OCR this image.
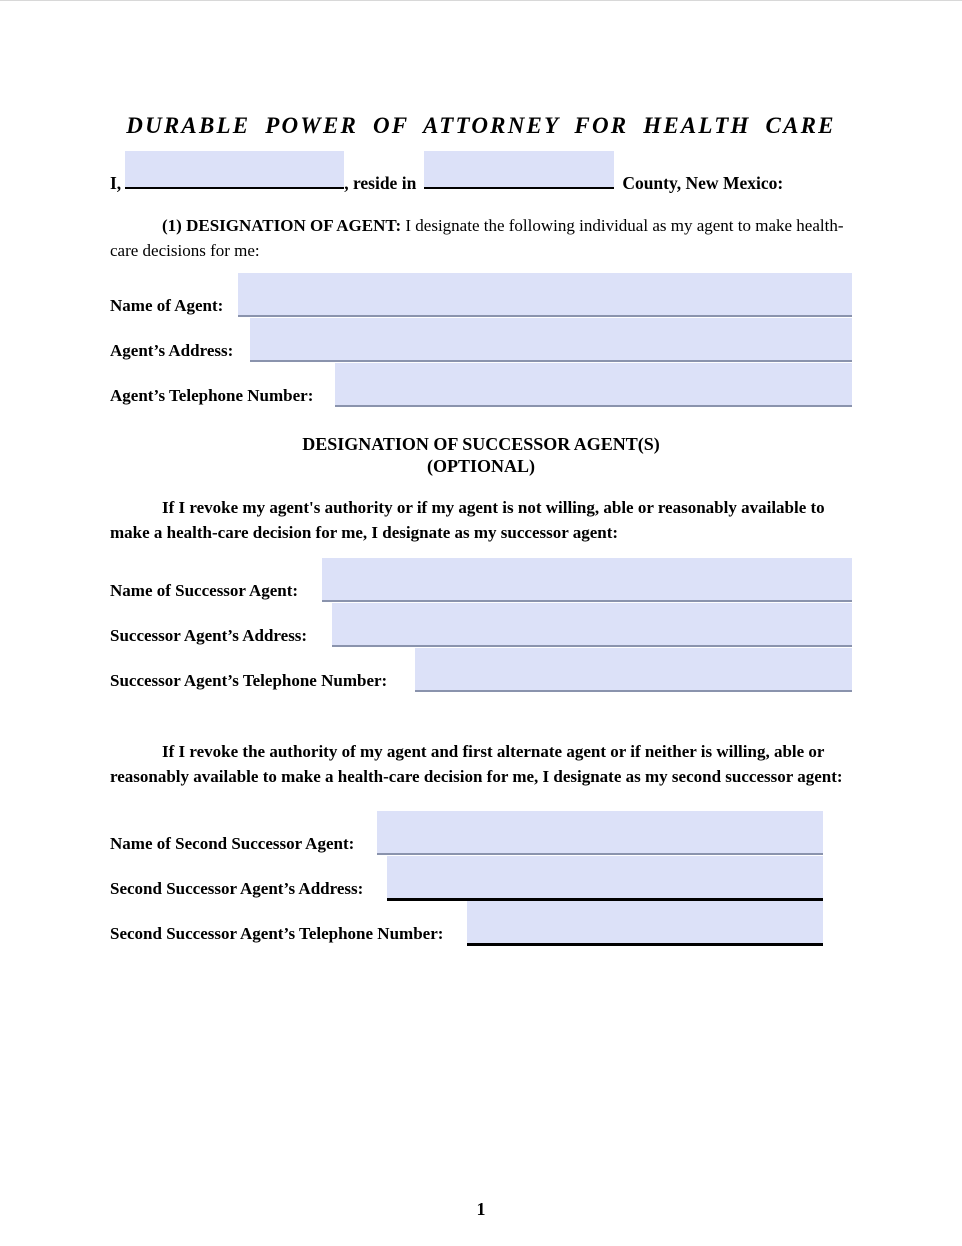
DURABLE POWER OF ATTORNEY FOR HEALTH CARE
I,	, reside in	County, New Mexico:
(1) DESIGNATION OF AGENT: I designate the following individual as my agent to make health-care decisions for me:
Name of Agent:
Agent’s Address:
Agent’s Telephone Number:
DESIGNATION OF SUCCESSOR AGENT(S)
(OPTIONAL)
If I revoke my agent's authority or if my agent is not willing, able or reasonably available to make a health-care decision for me, I designate as my successor agent:
Name of Successor Agent:
Successor Agent’s Address:
Successor Agent’s Telephone Number:
If I revoke the authority of my agent and first alternate agent or if neither is willing, able or reasonably available to make a health-care decision for me, I designate as my second successor agent:
Name of Second Successor Agent:
Second Successor Agent’s Address:
Second Successor Agent’s Telephone Number:
1
